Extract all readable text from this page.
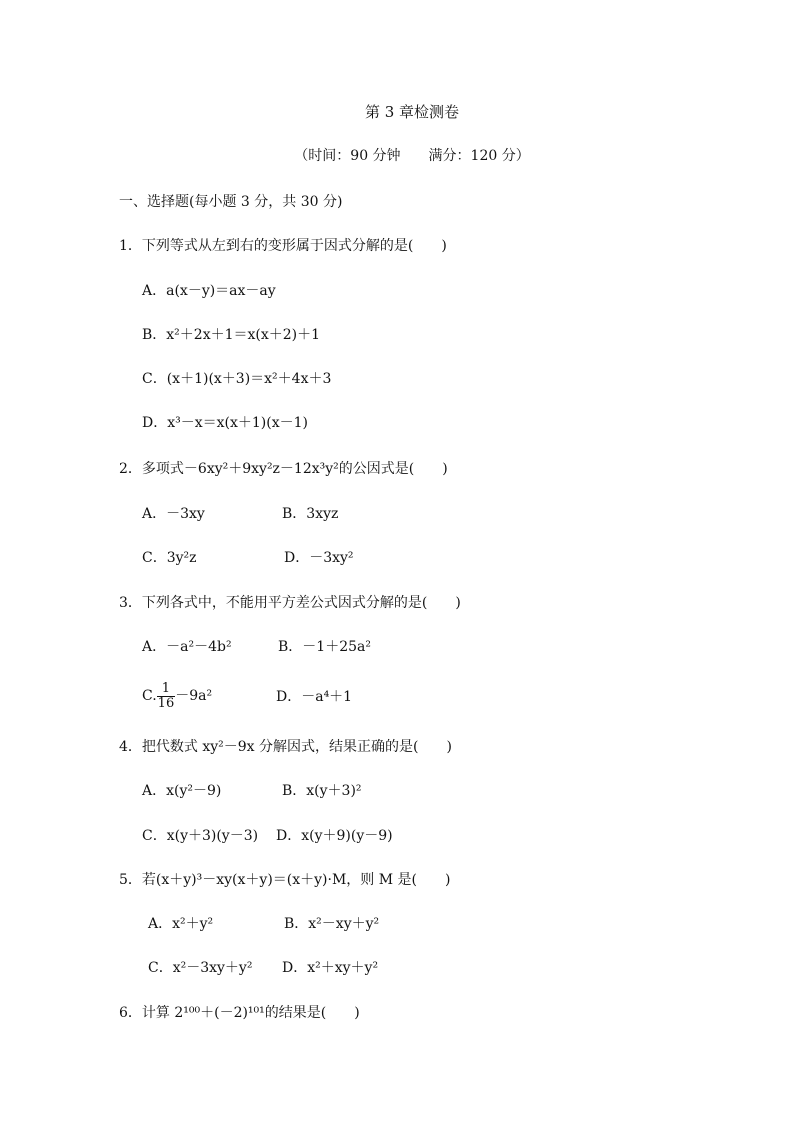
第 3 章检测卷
（时间：90 分钟　　满分：120 分）
一、选择题(每小题 3 分，共 30 分)
1．下列等式从左到右的变形属于因式分解的是(　　)
A．a(x－y)＝ax－ay
B．x²＋2x＋1＝x(x＋2)＋1
C．(x＋1)(x＋3)＝x²＋4x＋3
D．x³－x＝x(x＋1)(x－1)
2．多项式－6xy²＋9xy²z－12x³y²的公因式是(　　)
A．－3xy	B．3xyz
C．3y²z	D．－3xy²
3．下列各式中，不能用平方差公式因式分解的是(　　)
A．－a²－4b²	B．－1＋25a²
C. $\frac{1}{16} -9a^2$	D．－a⁴＋1
4．把代数式 xy²－9x 分解因式，结果正确的是(　　)
A．x(y²－9)	B．x(y＋3)²
C．x(y＋3)(y－3) D．x(y＋9)(y－9)
5．若(x＋y)³－xy(x＋y)＝(x＋y)·M，则 M 是(　　)
A．x²＋y²	B．x²－xy＋y²
C．x²－3xy＋y² D．x²＋xy＋y²
6．计算 2¹⁰⁰＋(－2)¹⁰¹的结果是(　　)
